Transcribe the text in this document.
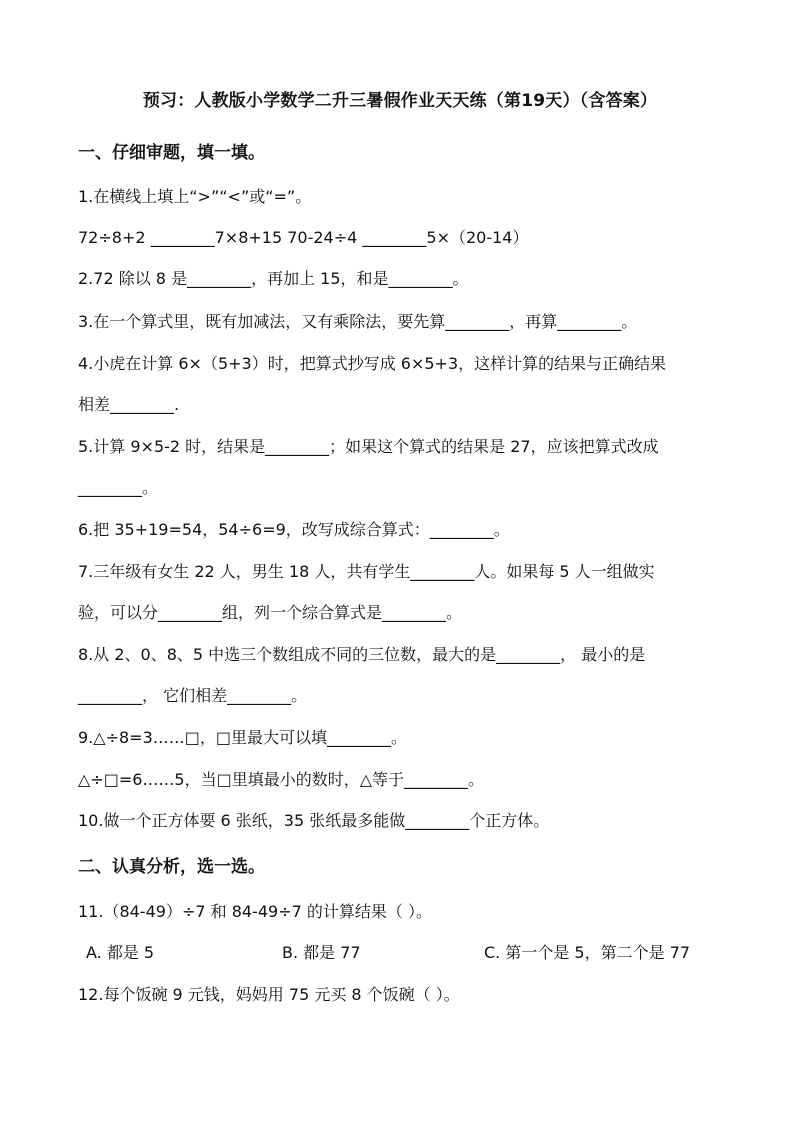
预习：人教版小学数学二升三暑假作业天天练（第19天）（含答案）
一、仔细审题，填一填。
1.在横线上填上“>”“<”或“=”。
72÷8+2 ________7×8+15 70-24÷4 ________5×（20-14）
2.72 除以 8 是________，再加上 15，和是________。
3.在一个算式里，既有加减法，又有乘除法，要先算________，再算________。
4.小虎在计算 6×（5+3）时，把算式抄写成 6×5+3，这样计算的结果与正确结果
相差________.
5.计算 9×5-2 时，结果是________；如果这个算式的结果是 27，应该把算式改成
________。
6.把 35+19=54，54÷6=9，改写成综合算式：________。
7.三年级有女生 22 人，男生 18 人，共有学生________人。如果每 5 人一组做实
验，可以分________组，列一个综合算式是________。
8.从 2、0、8、5 中选三个数组成不同的三位数，最大的是________， 最小的是
________， 它们相差________。
9.△÷8=3……□，□里最大可以填________。
△÷□=6……5，当□里填最小的数时，△等于________。
10.做一个正方体要 6 张纸，35 张纸最多能做________个正方体。
二、认真分析，选一选。
11.（84-49）÷7 和 84-49÷7 的计算结果（ ）。
A. 都是 5	B. 都是 77	C. 第一个是 5，第二个是 77
12.每个饭碗 9 元钱，妈妈用 75 元买 8 个饭碗（ ）。
